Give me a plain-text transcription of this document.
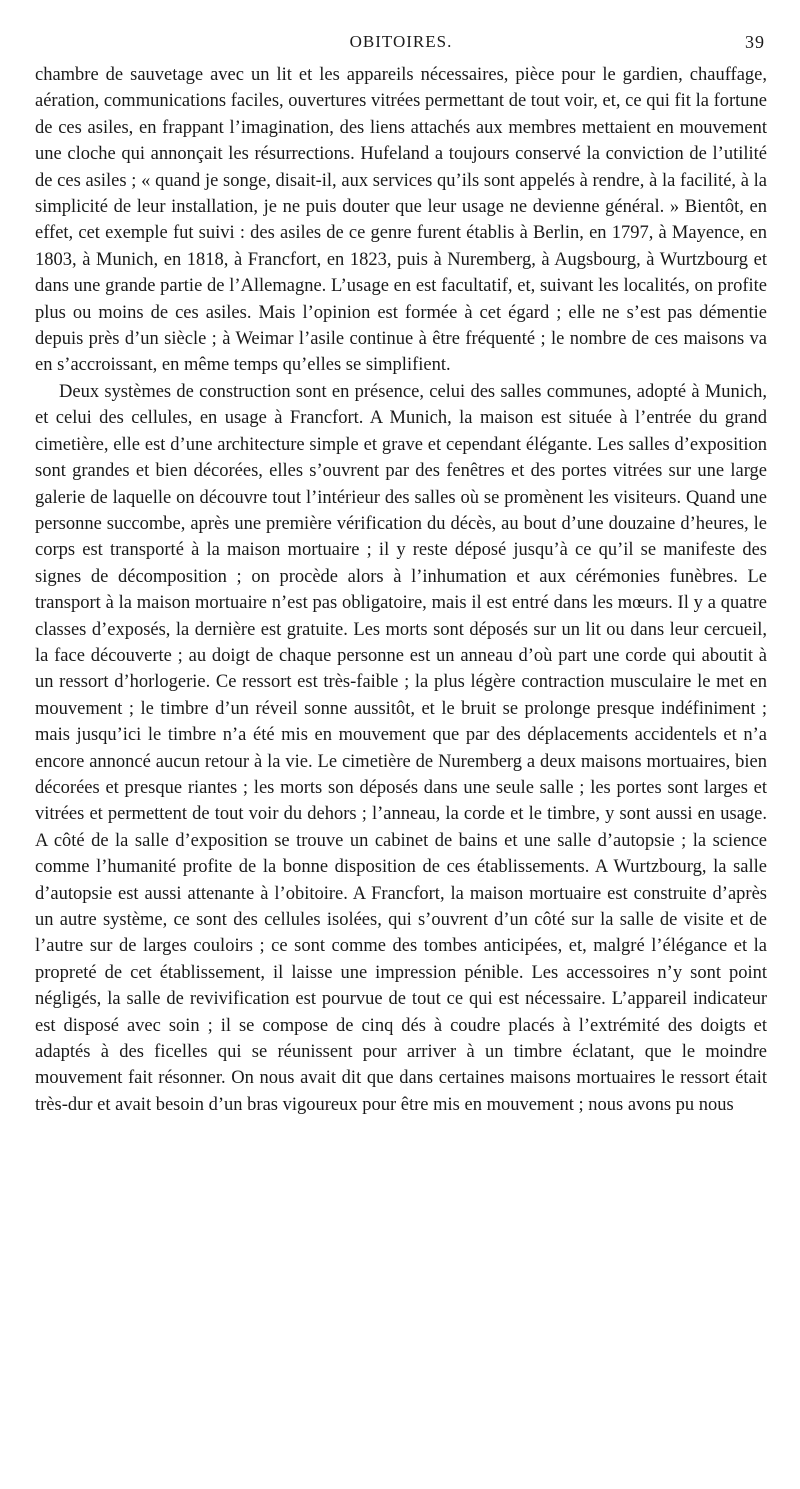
OBITOIRES.	39

chambre de sauvetage avec un lit et les appareils nécessaires, pièce pour le gardien, chauffage, aération, communications faciles, ouvertures vitrées permettant de tout voir, et, ce qui fit la fortune de ces asiles, en frappant l’imagination, des liens attachés aux membres mettaient en mouvement une cloche qui annonçait les résurrections. Hufeland a toujours conservé la conviction de l’utilité de ces asiles ; « quand je songe, disait-il, aux services qu’ils sont appelés à rendre, à la facilité, à la simplicité de leur installation, je ne puis douter que leur usage ne devienne général. » Bientôt, en effet, cet exemple fut suivi : des asiles de ce genre furent établis à Berlin, en 1797, à Mayence, en 1803, à Munich, en 1818, à Francfort, en 1823, puis à Nuremberg, à Augsbourg, à Wurtzbourg et dans une grande partie de l’Allemagne. L’usage en est facultatif, et, suivant les localités, on profite plus ou moins de ces asiles. Mais l’opinion est formée à cet égard ; elle ne s’est pas démentie depuis près d’un siècle ; à Weimar l’asile continue à être fréquenté ; le nombre de ces maisons va en s’accroissant, en même temps qu’elles se simplifient.

Deux systèmes de construction sont en présence, celui des salles communes, adopté à Munich, et celui des cellules, en usage à Francfort. A Munich, la maison est située à l’entrée du grand cimetière, elle est d’une architecture simple et grave et cependant élégante. Les salles d’exposition sont grandes et bien décorées, elles s’ouvrent par des fenêtres et des portes vitrées sur une large galerie de laquelle on découvre tout l’intérieur des salles où se promènent les visiteurs. Quand une personne succombe, après une première vérification du décès, au bout d’une douzaine d’heures, le corps est transporté à la maison mortuaire ; il y reste déposé jusqu’à ce qu’il se manifeste des signes de décomposition ; on procède alors à l’inhumation et aux cérémonies funèbres. Le transport à la maison mortuaire n’est pas obligatoire, mais il est entré dans les mœurs. Il y a quatre classes d’exposés, la dernière est gratuite. Les morts sont déposés sur un lit ou dans leur cercueil, la face découverte ; au doigt de chaque personne est un anneau d’où part une corde qui aboutit à un ressort d’horlogerie. Ce ressort est très-faible ; la plus légère contraction musculaire le met en mouvement ; le timbre d’un réveil sonne aussitôt, et le bruit se prolonge presque indéfiniment ; mais jusqu’ici le timbre n’a été mis en mouvement que par des déplacements accidentels et n’a encore annoncé aucun retour à la vie. Le cimetière de Nuremberg a deux maisons mortuaires, bien décorées et presque riantes ; les morts son déposés dans une seule salle ; les portes sont larges et vitrées et permettent de tout voir du dehors ; l’anneau, la corde et le timbre, y sont aussi en usage. A côté de la salle d’exposition se trouve un cabinet de bains et une salle d’autopsie ; la science comme l’humanité profite de la bonne disposition de ces établissements. A Wurtzbourg, la salle d’autopsie est aussi attenante à l’obitoire. A Francfort, la maison mortuaire est construite d’après un autre système, ce sont des cellules isolées, qui s’ouvrent d’un côté sur la salle de visite et de l’autre sur de larges couloirs ; ce sont comme des tombes anticipées, et, malgré l’élégance et la propreté de cet établissement, il laisse une impression pénible. Les accessoires n’y sont point négligés, la salle de revivification est pourvue de tout ce qui est nécessaire. L’appareil indicateur est disposé avec soin ; il se compose de cinq dés à coudre placés à l’extrémité des doigts et adaptés à des ficelles qui se réunissent pour arriver à un timbre éclatant, que le moindre mouvement fait résonner. On nous avait dit que dans certaines maisons mortuaires le ressort était très-dur et avait besoin d’un bras vigoureux pour être mis en mouvement ; nous avons pu nous
